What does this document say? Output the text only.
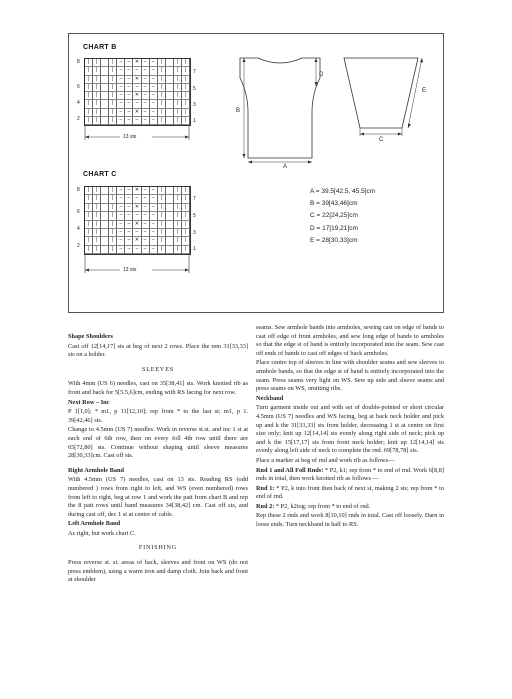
CHART B
|	|	|	–	– ✕ –	–	|	|	|
|	|	|	–	–	–	–	–	|	|	|
|	|	|	–	– ✕ –	–	|	|	|
|	|	|	–	–	–	–	–	|	|	|
|	|	|	–	– ✕ –	–	|	|	|
|	|	|	–	–	–	–	–	|	|	|
|	|	|	–	– ✕ –	–	|	|	|
|	|	|	–	–	–	–	–	|	|	|
8
6
4
2
7
5
3
1
13 sts
CHART C
|	|	|	–	– ✕ –	–	|	|	|
|	|	|	–	–	–	–	–	|	|	|
|	|	|	–	– ✕ –	–	|	|	|
|	|	|	–	–	–	–	–	|	|	|
|	|	|	–	– ✕ –	–	|	|	|
|	|	|	–	–	–	–	–	|	|	|
|	|	|	–	– ✕ –	–	|	|	|
|	|	|	–	–	–	–	–	|	|	|
8
6
4
2
7
5
3
1
13 sts
B
D
A
E
C
A = 39.5[42.5, 45.5]cm
B = 39[43,46]cm
C = 22[24,25]cm
D = 17[19,21]cm
E = 28[30,33]cm

Shape Shoulders

Cast off 12[14,17] sts at beg of next 2 rows. Place the rem 31[33,33] sts on a holder.

SLEEVES

With 4mm (US 6) needles, cast on 35[38,41] sts. Work knotted rib as front and back for 5[5.5,6]cm, ending with RS facing for next row.

Next Row – Inc

P 1[1,0]; * m1, p 11[12,10]; rep from * to the last st; m1, p 1. 39[42,46] sts.

Change to 4.5mm (US 7) needles. Work in reverse st.st. and inc 1 st at each end of 6th row, then on every foll 4th row until there are 65[72,80] sts. Continue without shaping until sleeve measures 28[30,33]cm. Cast off sts.

Right Armhole Band

With 4.5mm (US 7) needles, cast on 13 sts. Reading RS (odd numbered ) rows from right to left, and WS (even numbered) rows from left to right, beg at row 1 and work the patt from chart B and rep the 8 patt rows until band measures 34[38,42] cm. Cast off sts, and during cast off, dec 1 st at centre of cable.

Left Armhole Band

As right, but work chart C.

FINISHING

Press reverse st. st. areas of back, sleeves and front on WS (do not press emblem), using a warm iron and damp cloth. Join back and front at shoulder

seams. Sew armhole bands into armholes, sewing cast on edge of bands to cast off edge of front armholes, and sew long edge of bands to armholes so that the edge st of band is entirely incorporated into the seam. Sew cast off ends of bands to cast off edges of back armholes.

Place centre top of sleeves in line with shoulder seams and sew sleeves to armhole bands, so that the edge st of band is entirely incorporated into the seam. Press seams very light on WS. Sew up side and sleeve seams and press seams on WS, omitting ribs.

Neckband

Turn garment inside out and with set of double-pointed or short circular 4.5mm (US 7) needles and WS facing, beg at back neck holder and pick up and k the 31[33,33] sts from holder, decreasing 1 st at centre on first size only; knit up 12[14,14] sts evenly along right side of neck; pick up and k the 15[17,17] sts from front neck holder; knit up 12[14,14] sts evenly along left side of neck to complete the rnd. 69[78,78] sts.

Place a marker at beg of rnd and work rib as follows—

Rnd 1 and All Foll Rnds: * P2, k1; rep from * to end of rnd. Work 6[8,8] rnds in total, then work knotted rib as follows —

Rnd 1: * P2, k into front then back of next st, making 2 sts; rep from * to end of rnd.

Rnd 2: * P2, k2tog; rep from * to end of rnd.

Rep these 2 rnds and work 8[10,10] rnds in total. Cast off loosely. Darn in loose ends. Turn neckband in half to RS.
